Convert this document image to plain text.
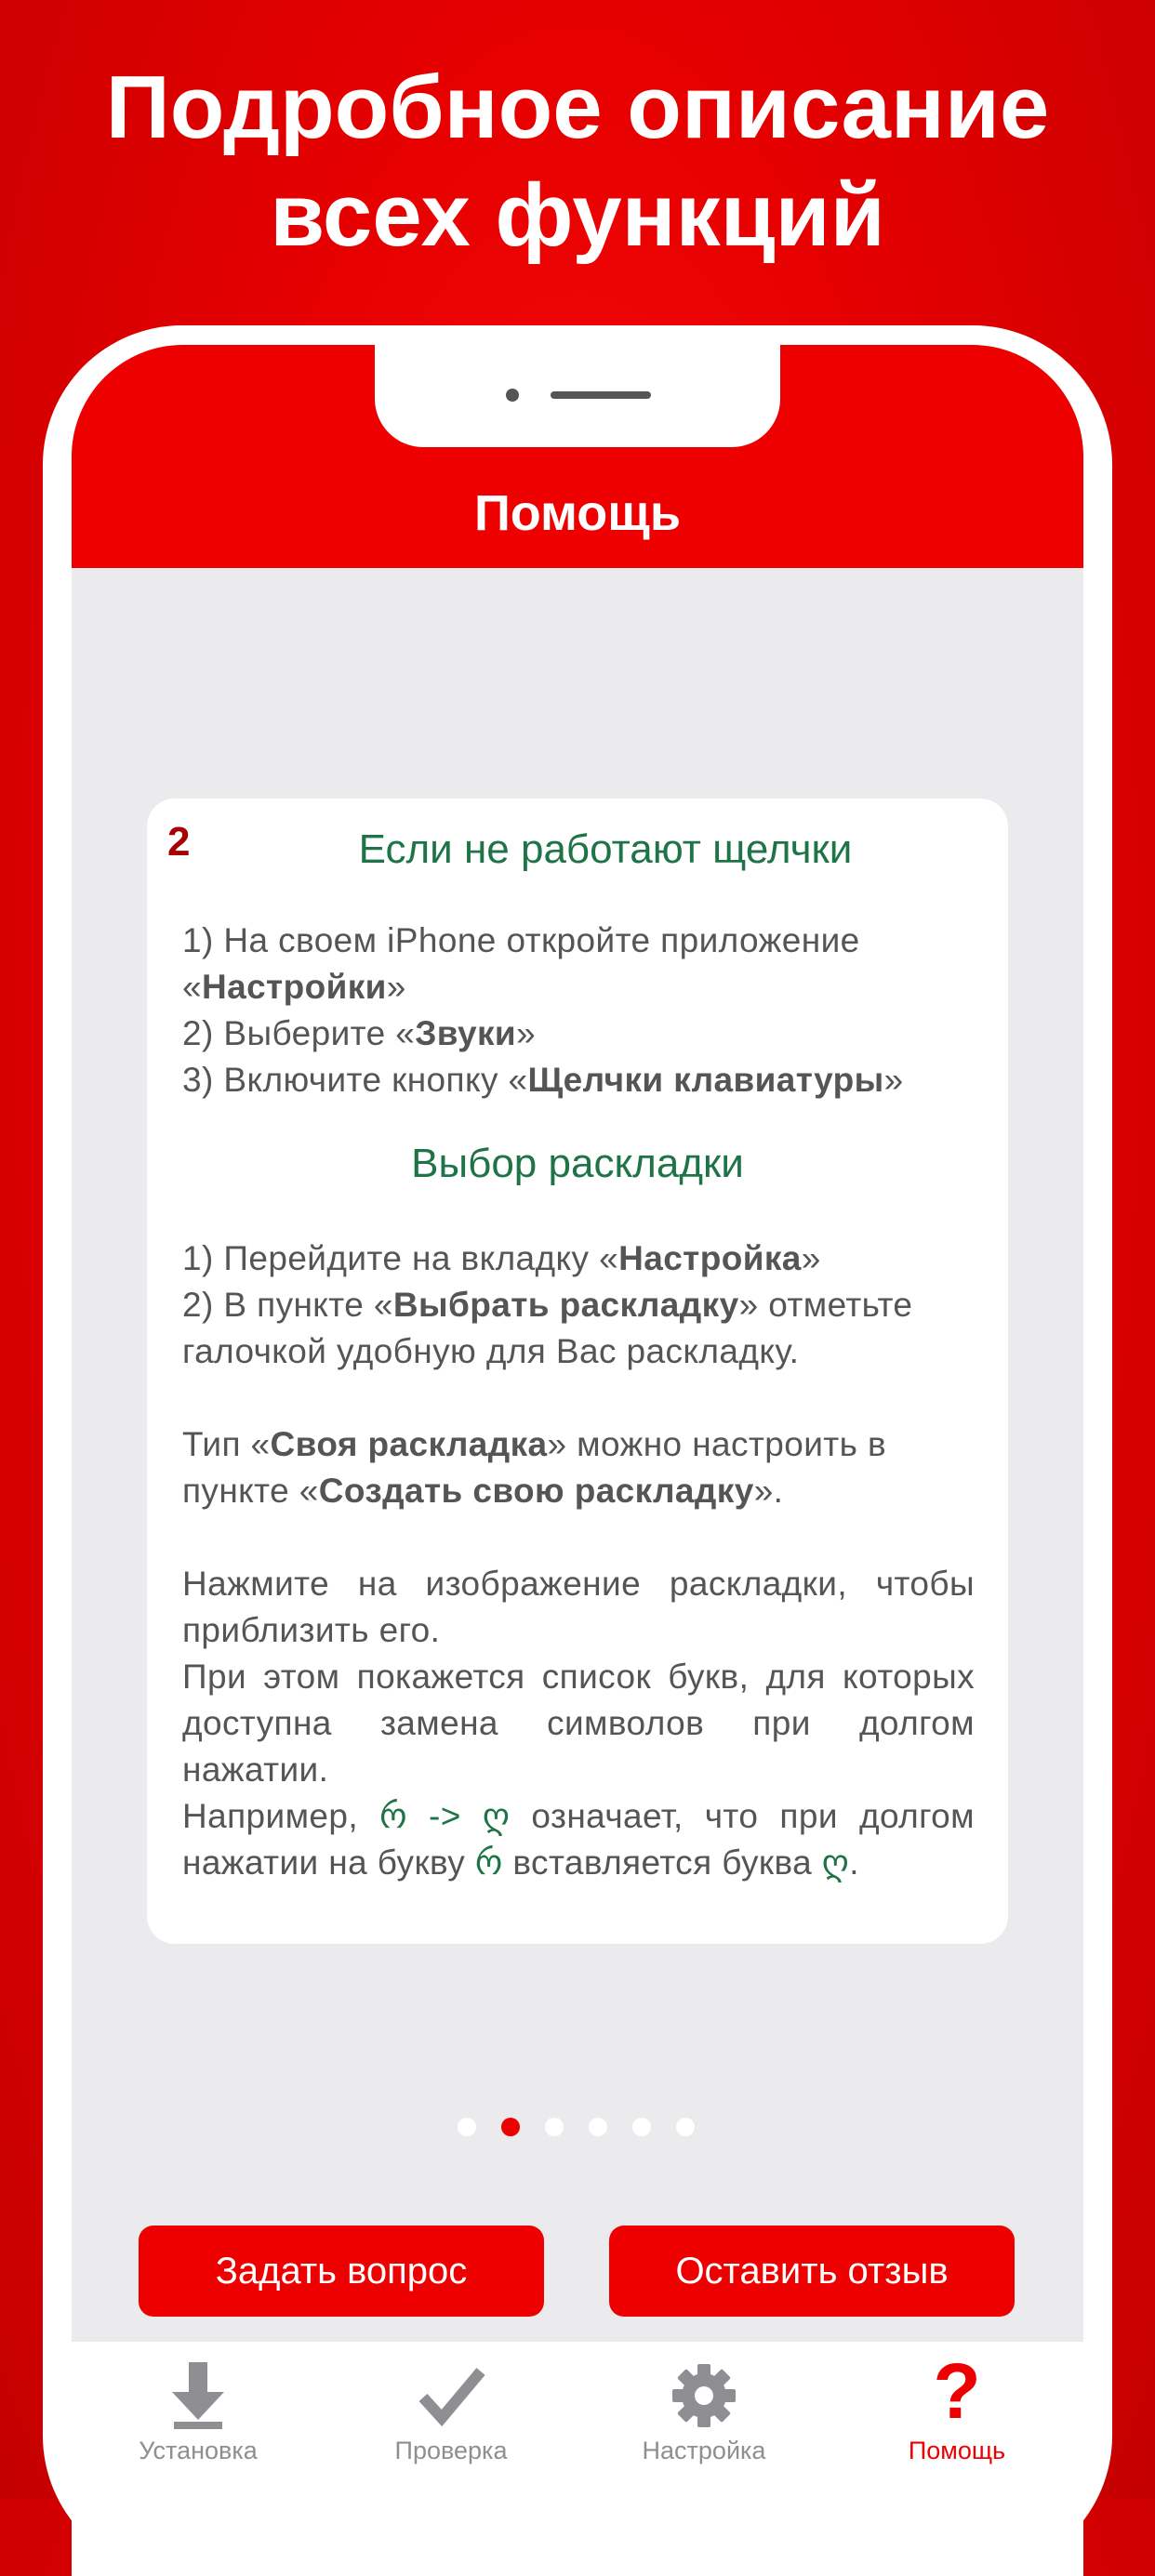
Подробное описание
всех функций
Помощь
2	Если не работают щелчки

1) На своем iPhone откройте приложение «Настройки»

2) Выберите «Звуки»

3) Включите кнопку «Щелчки клавиатуры»

Выбор раскладки

1) Перейдите на вкладку «Настройка»

2) В пункте «Выбрать раскладку» отметьте галочкой удобную для Вас раскладку.

Тип «Своя раскладка» можно настроить в пункте «Создать свою раскладку».

Нажмите на изображение раскладки, чтобы приблизить его.

При этом покажется список букв, для которых доступна замена символов при долгом нажатии.

Например, რ -> ღ означает, что при долгом нажатии на букву რ вставляется буква ღ.

Задать вопрос	Оставить отзыв
Установка	Проверка	Настройка
?
Помощь
